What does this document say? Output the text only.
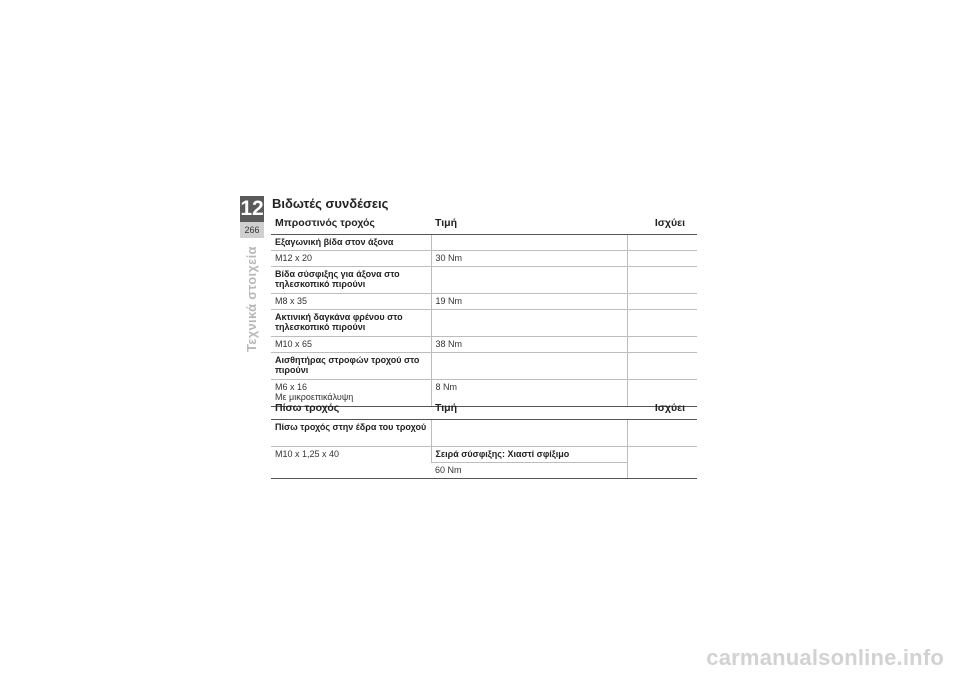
12
266
Τεχνικά στοιχεία
Βιδωτές συνδέσεις
Μπροστινός τροχός	Τιμή	Ισχύει
Εξαγωνική βίδα στον άξονα		
M12 x 20	30 Nm	
Βίδα σύσφιξης για άξονα στο τηλεσκοπικό πιρούνι		
M8 x 35	19 Nm	
Ακτινική δαγκάνα φρένου στο τηλεσκοπικό πιρούνι		
M10 x 65	38 Nm	
Αισθητήρας στροφών τροχού στο πιρούνι		

M6 x 16
Με μικροεπικάλυψη	8 Nm	
Πίσω τροχός	Τιμή	Ισχύει
Πίσω τροχός στην έδρα του τροχού		
M10 x 1,25 x 40	Σειρά σύσφιξης: Χιαστί σφίξιμο	
	60 Nm	
carmanualsonline.info
